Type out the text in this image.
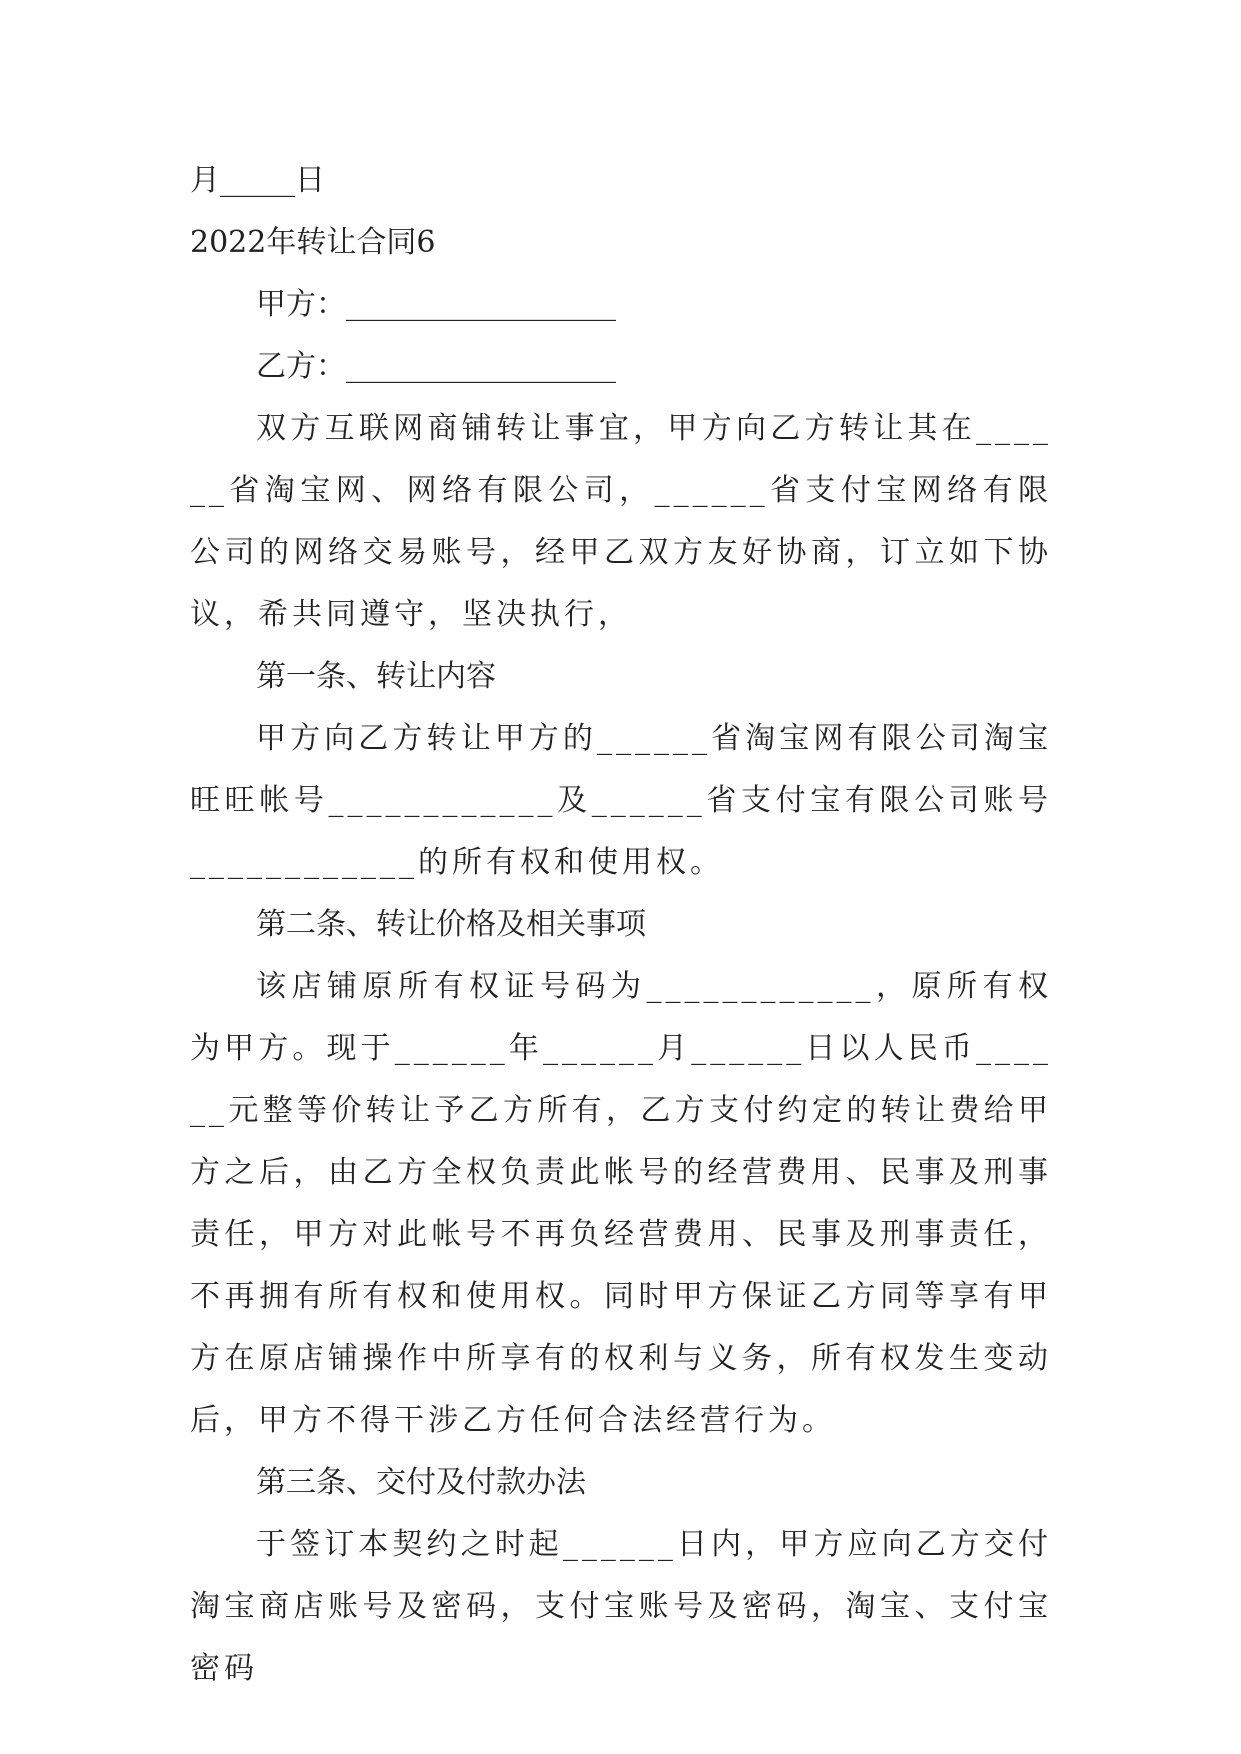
月_____日

2022年转让合同6

甲方：__________________

乙方：__________________

双方互联网商铺转让事宜，甲方向乙方转让其在______省淘宝网、网络有限公司，______省支付宝网络有限公司的网络交易账号，经甲乙双方友好协商，订立如下协议，希共同遵守，坚决执行，

第一条、转让内容

甲方向乙方转让甲方的______省淘宝网有限公司淘宝旺旺帐号____________及______省支付宝有限公司账号____________的所有权和使用权。

第二条、转让价格及相关事项

该店铺原所有权证号码为____________，原所有权为甲方。现于______年______月______日以人民币______元整等价转让予乙方所有，乙方支付约定的转让费给甲方之后，由乙方全权负责此帐号的经营费用、民事及刑事责任，甲方对此帐号不再负经营费用、民事及刑事责任，不再拥有所有权和使用权。同时甲方保证乙方同等享有甲方在原店铺操作中所享有的权利与义务，所有权发生变动后，甲方不得干涉乙方任何合法经营行为。

第三条、交付及付款办法

于签订本契约之时起______日内，甲方应向乙方交付淘宝商店账号及密码，支付宝账号及密码，淘宝、支付宝密码
